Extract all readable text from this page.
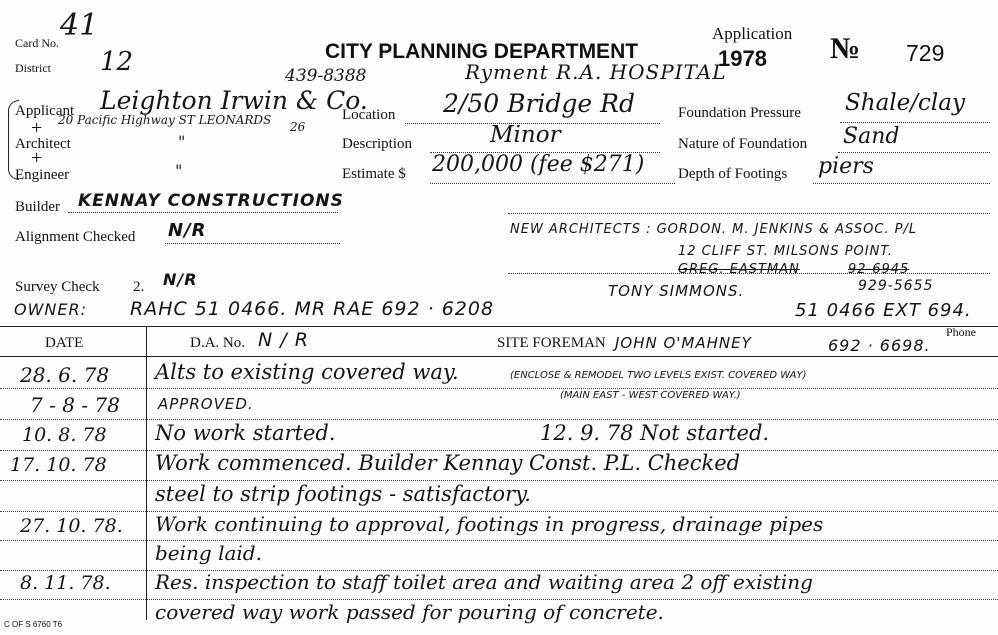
Card No. 41
District 12	CITY PLANNING DEPARTMENT
Application
1978 № 729
439-8388	Ryment R.A. HOSPITAL
Applicant Leighton Irwin & Co.
20 Pacific Highway ST LEONARDS
+
+
Architect	"
Engineer	"
Builder KENNAY CONSTRUCTIONS
Alignment Checked N/R
Survey Check 2. N/R
OWNER: RAHC 51 0466. MR RAE 692 · 6208
Location 2/50 Bridge Rd
26
Description	Minor
Estimate $ 200,000 (fee $271)
Foundation Pressure Shale/clay
Nature of Foundation Sand
Depth of Footings piers
NEW ARCHITECTS : GORDON. M. JENKINS & ASSOC. P/L
12 CLIFF ST. MILSONS POINT.
GREG. EASTMAN	92-6945
TONY SIMMONS.	929-5655
51 0466 EXT 694.
DATE	D.A. No. N / R	SITE FOREMAN JOHN O'MAHNEY
Phone
692 · 6698.
28. 6. 78 Alts to existing covered way.	(ENCLOSE & REMODEL TWO LEVELS EXIST. COVERED WAY)
7 - 8 - 78	APPROVED.	(MAIN EAST - WEST COVERED WAY.)
10. 8. 78 No work started.	12. 9. 78 Not started.
17. 10. 78 Work commenced. Builder Kennay Const. P.L. Checked
steel to strip footings - satisfactory.
27. 10. 78. Work continuing to approval, footings in progress, drainage pipes
being laid.
8. 11. 78. Res. inspection to staff toilet area and waiting area 2 off existing
covered way work passed for pouring of concrete.
C OF S 6760 T6
